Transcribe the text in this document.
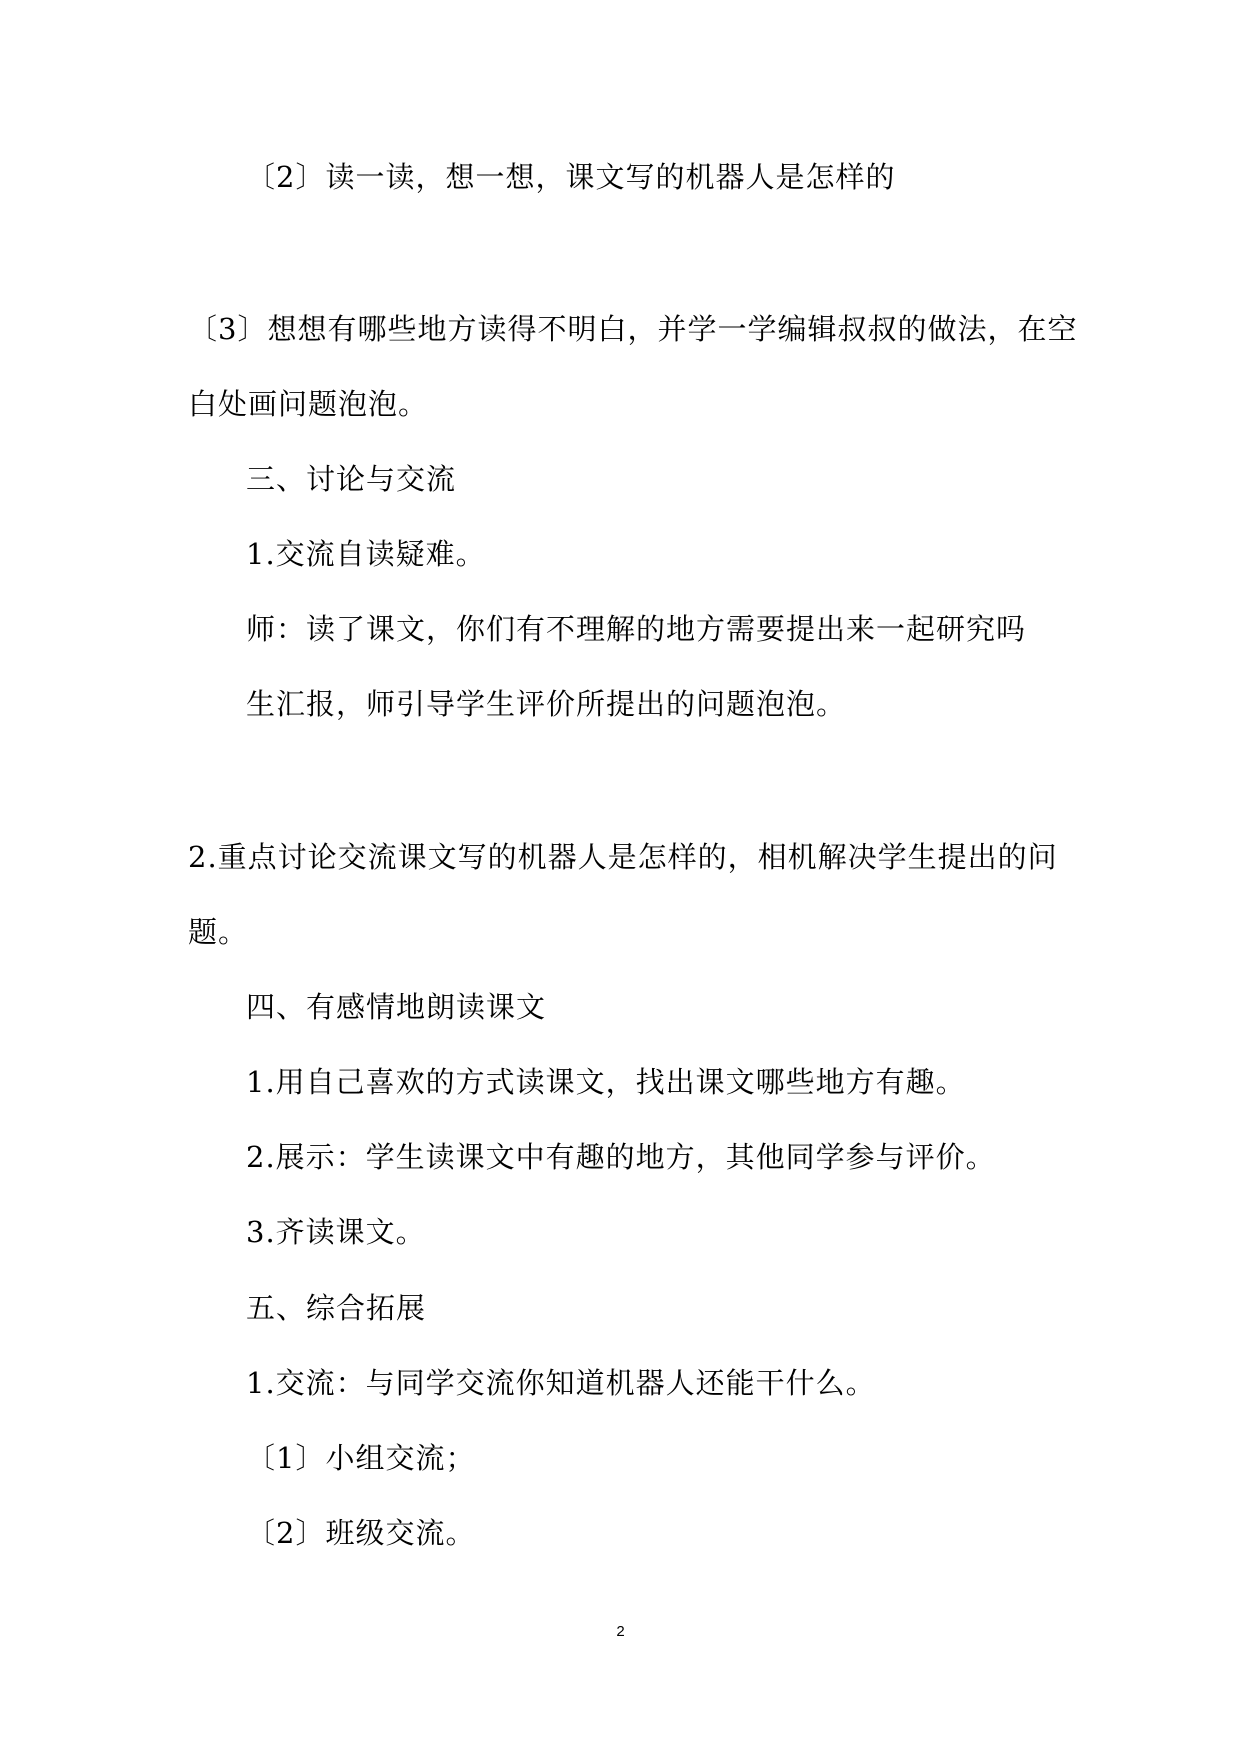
〔2〕读一读，想一想，课文写的机器人是怎样的
〔3〕想想有哪些地方读得不明白，并学一学编辑叔叔的做法，在空
白处画问题泡泡。
三、讨论与交流
1.交流自读疑难。
师：读了课文，你们有不理解的地方需要提出来一起研究吗
生汇报，师引导学生评价所提出的问题泡泡。
2.重点讨论交流课文写的机器人是怎样的，相机解决学生提出的问
题。
四、有感情地朗读课文
1.用自己喜欢的方式读课文，找出课文哪些地方有趣。
2.展示：学生读课文中有趣的地方，其他同学参与评价。
3.齐读课文。
五、综合拓展
1.交流：与同学交流你知道机器人还能干什么。
〔1〕小组交流；
〔2〕班级交流。
2
